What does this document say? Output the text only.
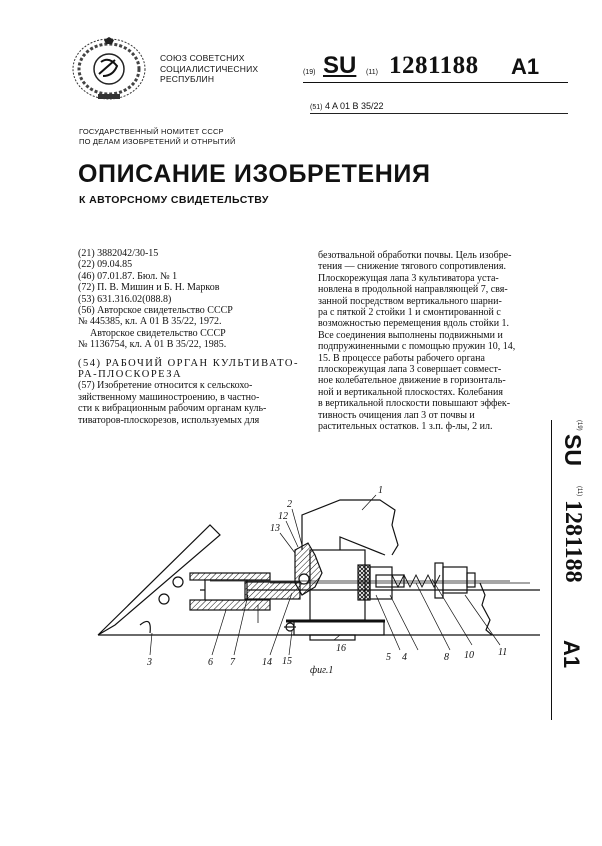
СОЮЗ СОВЕТСНИХ
СОЦИАЛИСТИЧЕСНИХ
РЕСПУБЛИН
(19) SU (11) 1281188 A1
(51) 4 A 01 B 35/22
ГОСУДАРСТВЕННЫЙ НОМИТЕТ СССР
ПО ДЕЛАМ ИЗОБРЕТЕНИЙ И ОТНРЫТИЙ
ОПИСАНИЕ ИЗОБРЕТЕНИЯ
К АВТОРСНОМУ СВИДЕТЕЛЬСТВУ
(21) 3882042/30-15
(22) 09.04.85
(46) 07.01.87. Бюл. № 1
(72) П. В. Мишин и Б. Н. Марков
(53) 631.316.02(088.8)
(56) Авторское свидетельство СССР
№ 445385, кл. А 01 В 35/22, 1972.
Авторское свидетельство СССР
№ 1136754, кл. А 01 В 35/22, 1985.
(54) РАБОЧИЙ ОРГАН КУЛЬТИВАТО-
РА-ПЛОСКОРЕЗА
(57) Изобретение относится к сельскохо-
зяйственному машиностроению, в частно-
сти к вибрационным рабочим органам куль-
тиваторов-плоскорезов, используемых для
безотвальной обработки почвы. Цель изобре-
тения — снижение тягового сопротивления.
Плоскорежущая лапа 3 культиватора уста-
новлена в продольной направляющей 7, свя-
занной посредством вертикального шарни-
ра с пяткой 2 стойки 1 и смонтированной с
возможностью перемещения вдоль стойки 1.
Все соединения выполнены подвижными и
подпружиненными с помощью пружин 10, 14,
15. В процессе работы рабочего органа
плоскорежущая лапа 3 совершает совмест-
ное колебательное движение в горизонталь-
ной и вертикальной плоскостях. Колебания
в вертикальной плоскости повышают эффек-
тивность очищения лап 3 от почвы и
растительных остатков. 1 з.п. ф-лы, 2 ил.	(19)
SU
(11)
1281188
A1
1
2
3	4
5
6 7	8 10 11
12
13
14 15
16
фиг.1
